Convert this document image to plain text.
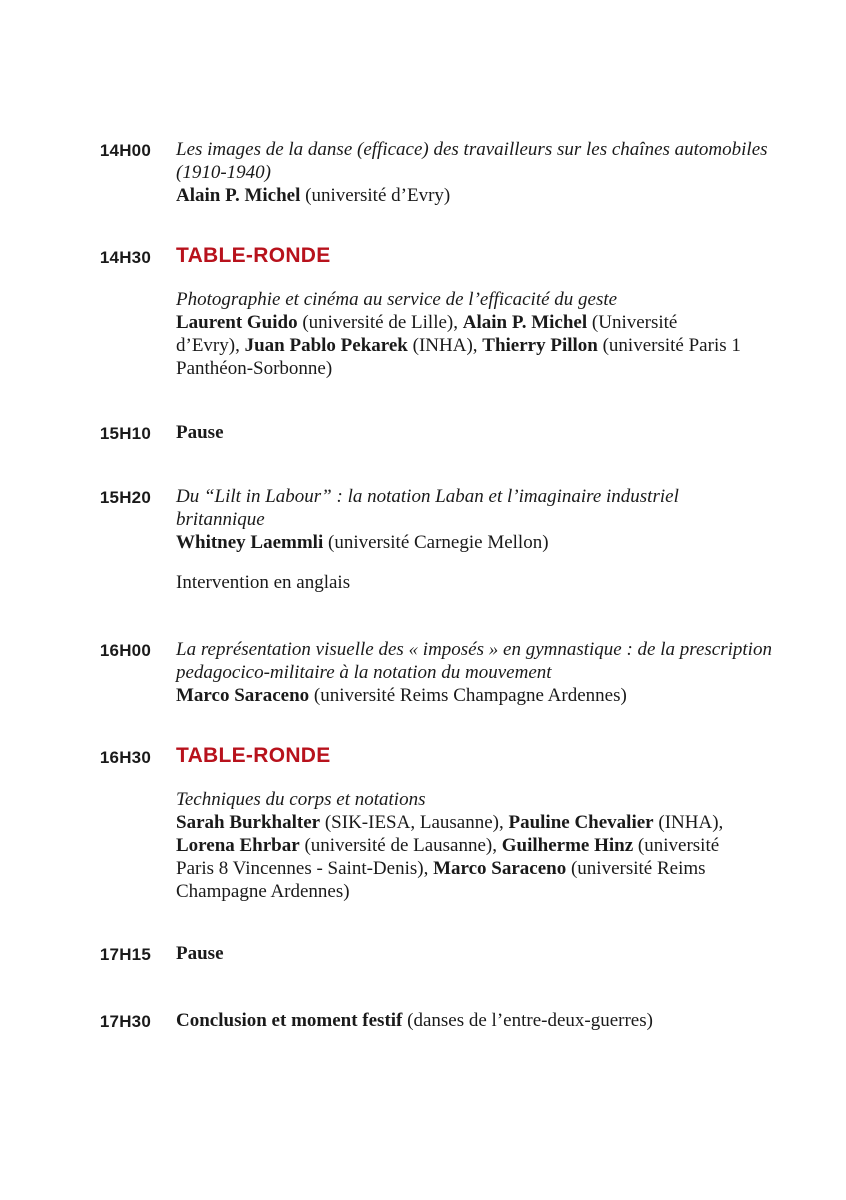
14H00 Les images de la danse (efficace) des travailleurs sur les chaînes automobiles
(1910-1940)
Alain P. Michel (université d’Evry)
14H30 TABLE-RONDE
Photographie et cinéma au service de l’efficacité du geste
Laurent Guido (université de Lille), Alain P. Michel (Université
d’Evry), Juan Pablo Pekarek (INHA), Thierry Pillon (université Paris 1
Panthéon-Sorbonne)
15H10 Pause
15H20 Du “Lilt in Labour” : la notation Laban et l’imaginaire industriel
britannique
Whitney Laemmli (université Carnegie Mellon)
Intervention en anglais
16H00 La représentation visuelle des « imposés » en gymnastique : de la prescription
pedagocico-militaire à la notation du mouvement
Marco Saraceno (université Reims Champagne Ardennes)
16H30 TABLE-RONDE
Techniques du corps et notations
Sarah Burkhalter (SIK-IESA, Lausanne), Pauline Chevalier (INHA),
Lorena Ehrbar (université de Lausanne), Guilherme Hinz (université
Paris 8 Vincennes - Saint-Denis), Marco Saraceno (université Reims
Champagne Ardennes)
17H15 Pause
17H30 Conclusion et moment festif (danses de l’entre-deux-guerres)
